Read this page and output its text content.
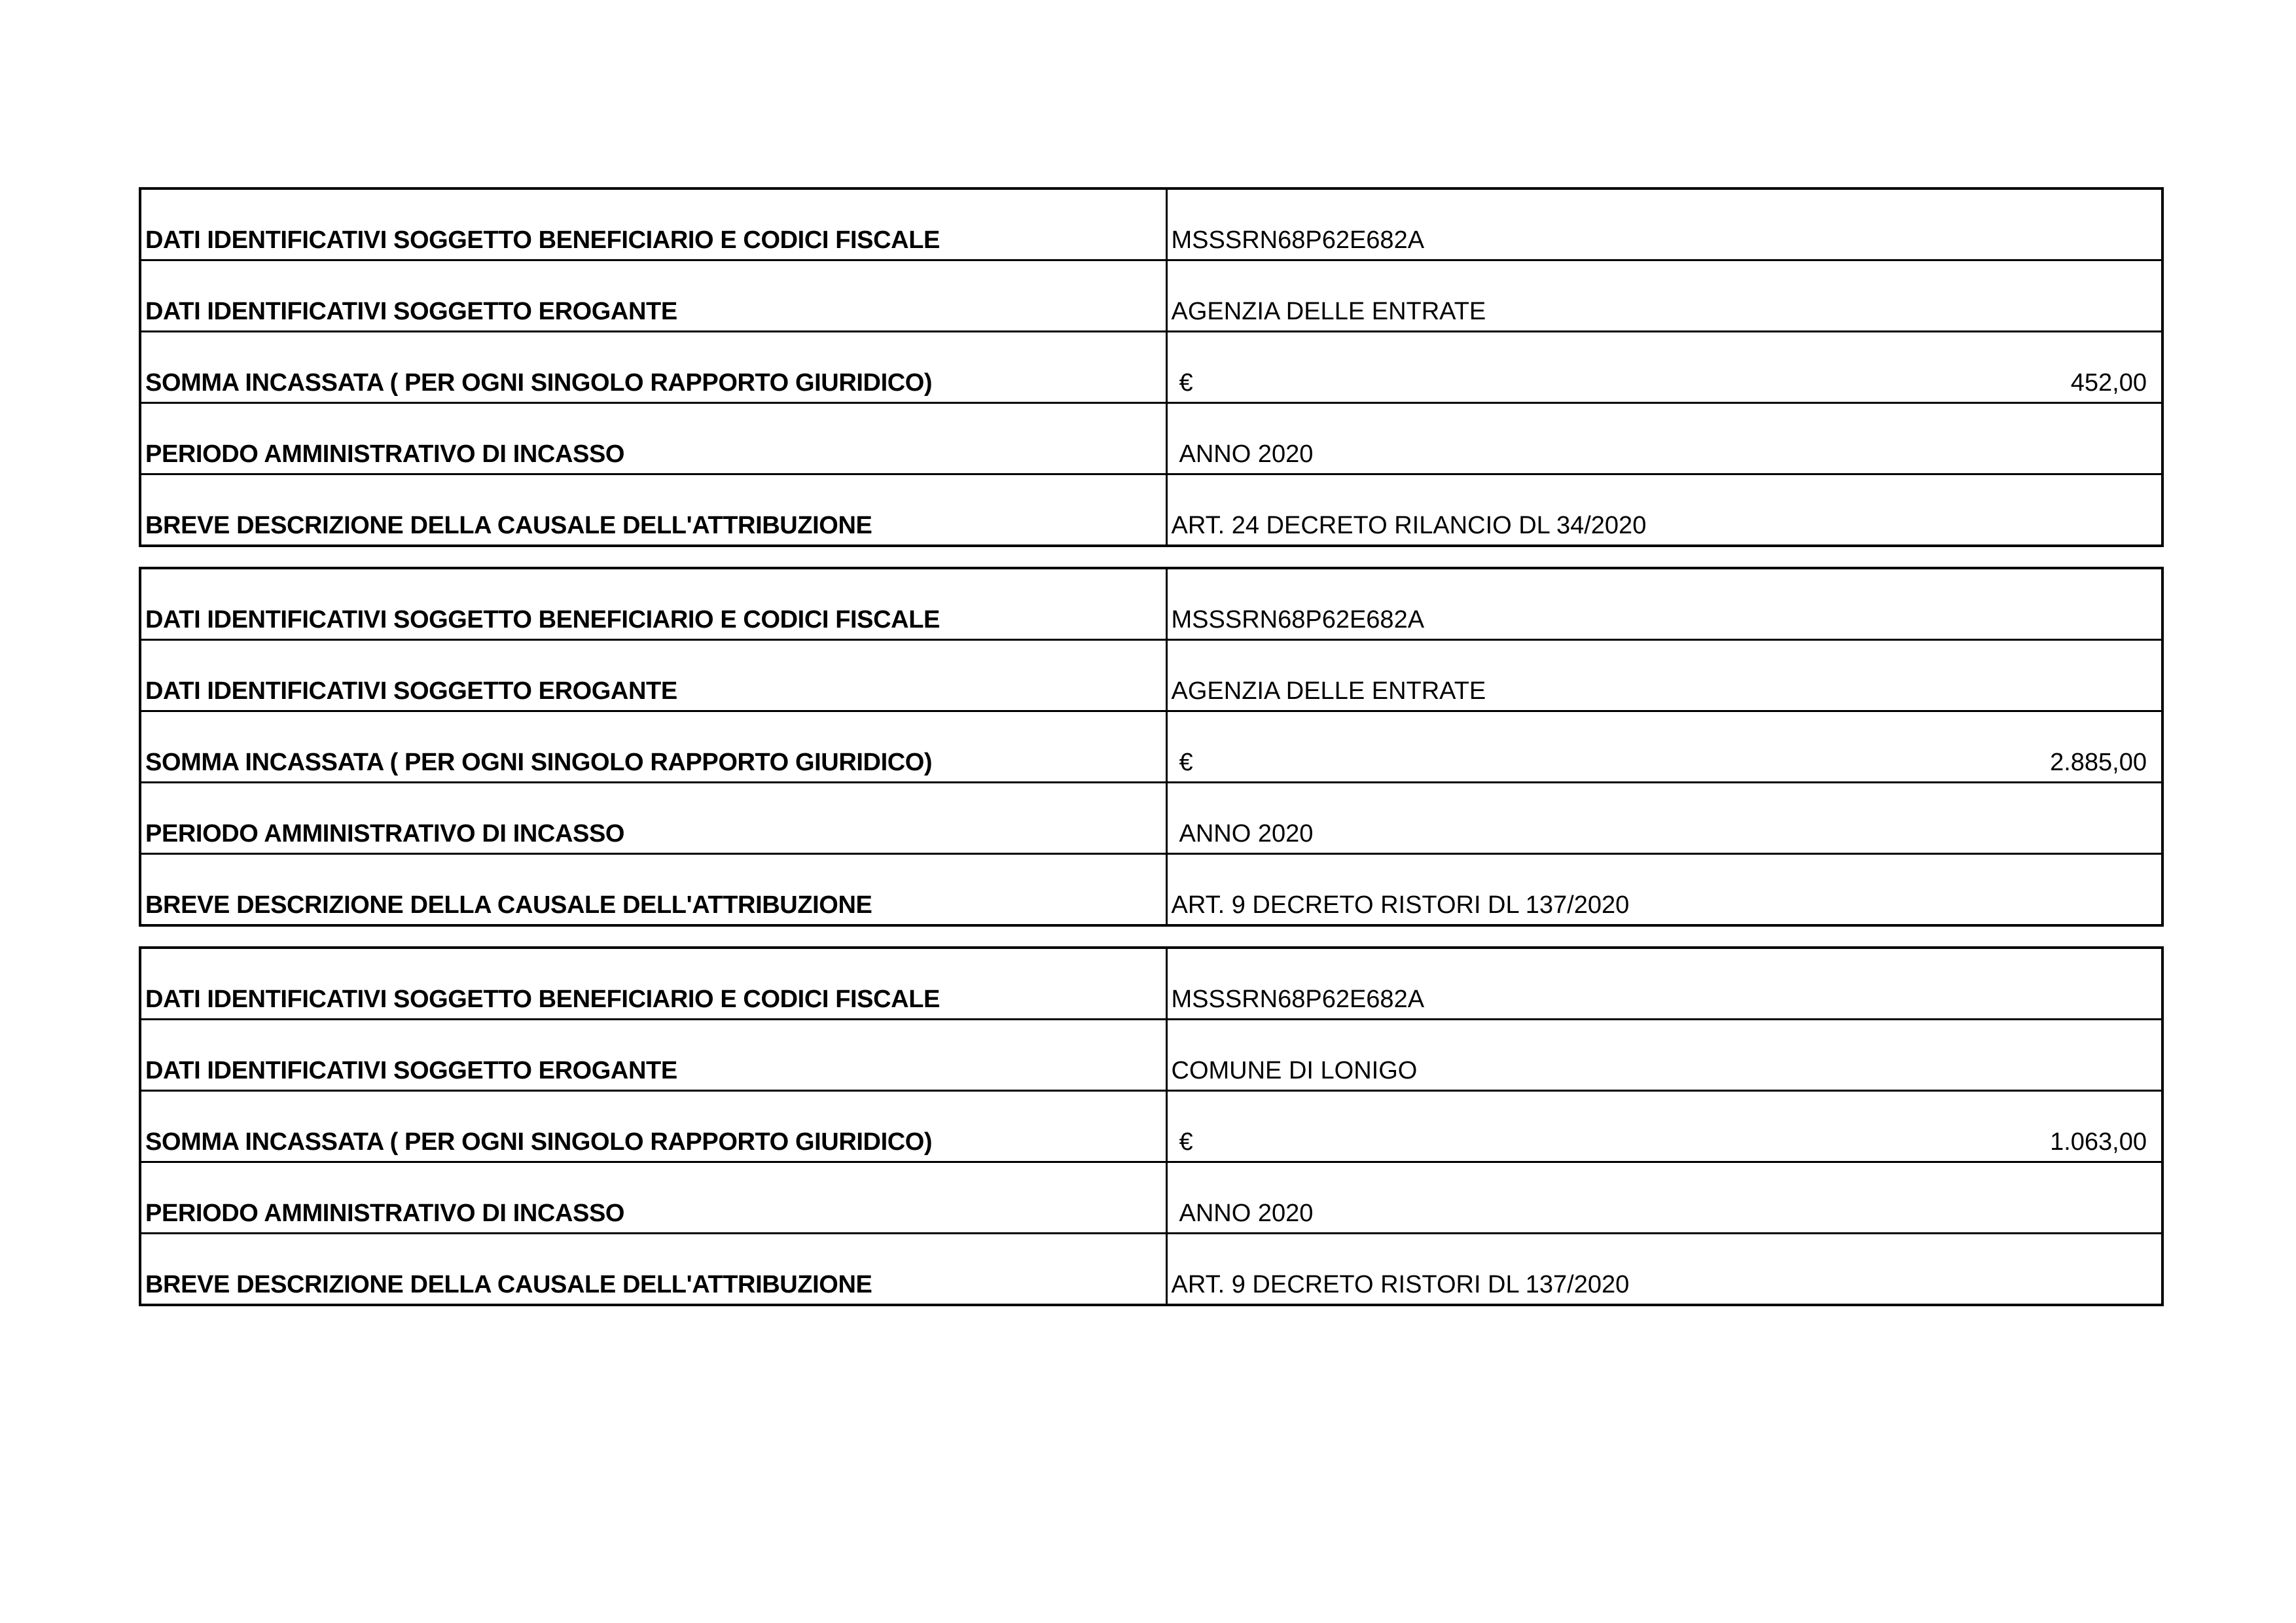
DATI IDENTIFICATIVI SOGGETTO BENEFICIARIO E CODICI FISCALE	MSSSRN68P62E682A
DATI IDENTIFICATIVI SOGGETTO EROGANTE	AGENZIA DELLE ENTRATE
SOMMA INCASSATA ( PER OGNI SINGOLO RAPPORTO GIURIDICO)	€ 452,00

PERIODO AMMINISTRATIVO DI INCASSO	ANNO 2020
BREVE DESCRIZIONE DELLA CAUSALE DELL'ATTRIBUZIONE	ART. 24 DECRETO RILANCIO DL 34/2020
DATI IDENTIFICATIVI SOGGETTO BENEFICIARIO E CODICI FISCALE	MSSSRN68P62E682A
DATI IDENTIFICATIVI SOGGETTO EROGANTE	AGENZIA DELLE ENTRATE
SOMMA INCASSATA ( PER OGNI SINGOLO RAPPORTO GIURIDICO)	€ 2.885,00

PERIODO AMMINISTRATIVO DI INCASSO	ANNO 2020
BREVE DESCRIZIONE DELLA CAUSALE DELL'ATTRIBUZIONE	ART. 9 DECRETO RISTORI DL 137/2020
DATI IDENTIFICATIVI SOGGETTO BENEFICIARIO E CODICI FISCALE	MSSSRN68P62E682A
DATI IDENTIFICATIVI SOGGETTO EROGANTE	COMUNE DI LONIGO
SOMMA INCASSATA ( PER OGNI SINGOLO RAPPORTO GIURIDICO)	€ 1.063,00

PERIODO AMMINISTRATIVO DI INCASSO	ANNO 2020
BREVE DESCRIZIONE DELLA CAUSALE DELL'ATTRIBUZIONE	ART. 9 DECRETO RISTORI DL 137/2020
